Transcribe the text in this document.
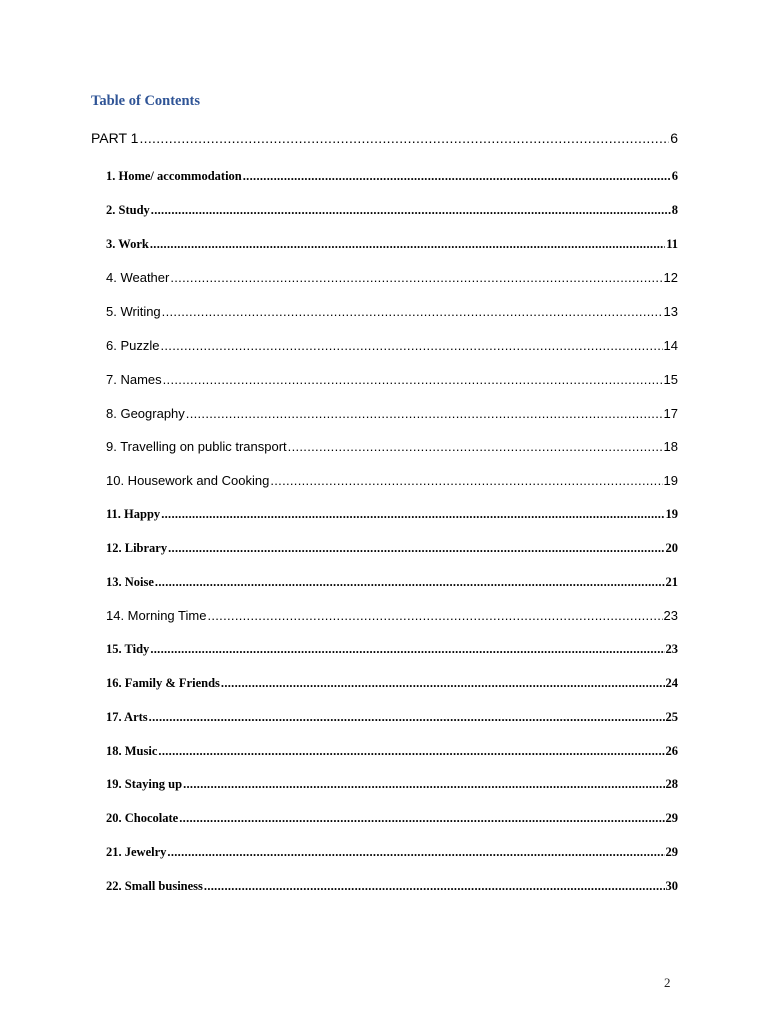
Table of Contents
PART 1 .....	6
1. Home/ accommodation .....	6
2. Study .....	8
3. Work .....	11
4. Weather .....	12
5. Writing .....	13
6. Puzzle .....	14
7. Names .....	15
8. Geography .....	17
9. Travelling on public transport .....	18
10. Housework and Cooking .....	19
11. Happy .....	19
12. Library .....	20
13. Noise .....	21
14. Morning Time .....	23
15. Tidy .....	23
16. Family & Friends .....	24
17. Arts .....	25
18. Music .....	26
19. Staying up .....	28
20. Chocolate .....	29
21. Jewelry .....	29
22. Small business .....	30
2
